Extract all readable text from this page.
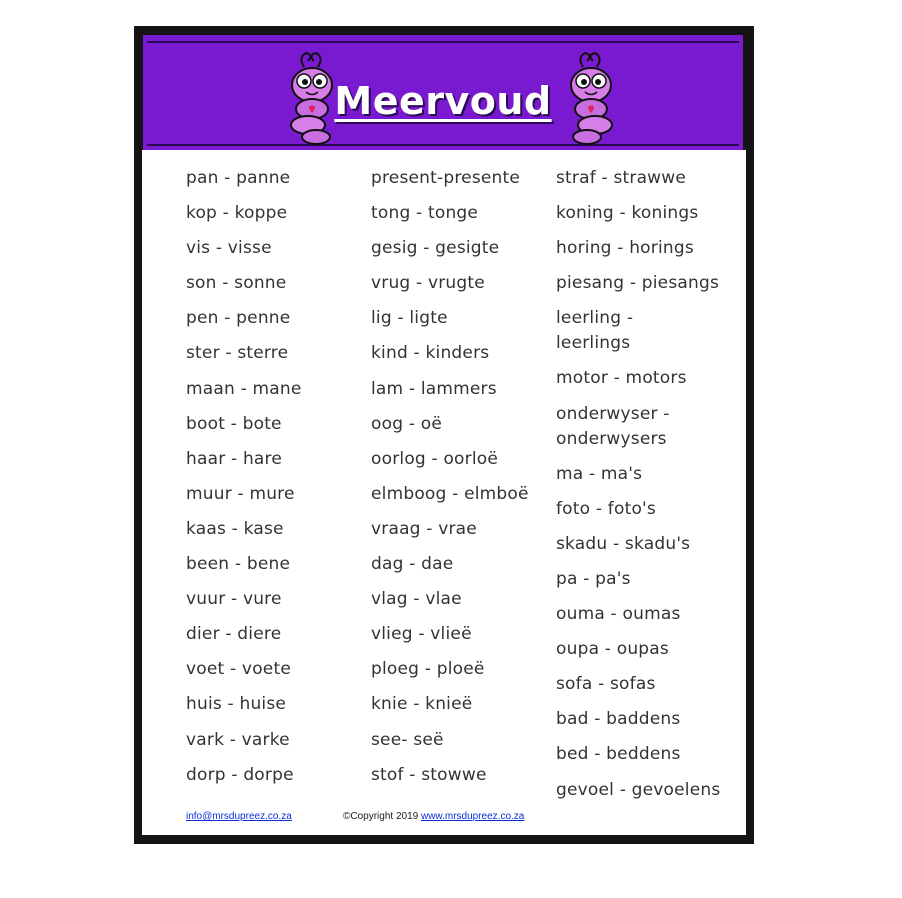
Meervoud
pan - panne
kop - koppe
vis - visse
son - sonne
pen - penne
ster - sterre
maan - mane
boot - bote
haar - hare
muur - mure
kaas - kase
been - bene
vuur - vure
dier - diere
voet - voete
huis - huise
vark - varke
dorp - dorpe
present-presente
tong - tonge
gesig - gesigte
vrug - vrugte
lig - ligte
kind - kinders
lam - lammers
oog - oë
oorlog - oorloë
elmboog - elmboë
vraag - vrae
dag - dae
vlag - vlae
vlieg - vlieë
ploeg - ploeë
knie - knieë
see- seë
stof - stowwe
straf - strawwe
koning - konings
horing - horings
piesang - piesangs
leerling - leerlings
motor - motors
onderwyser - onderwysers
ma - ma's
foto - foto's
skadu - skadu's
pa - pa's
ouma - oumas
oupa - oupas
sofa - sofas
bad - baddens
bed - beddens
gevoel - gevoelens
info@mrsdupreez.co.za	©Copyright 2019 www.mrsdupreez.co.za
